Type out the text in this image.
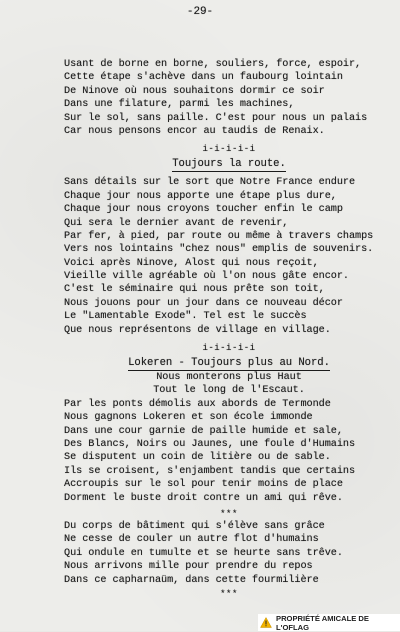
-29-
Usant de borne en borne, souliers, force, espoir,
Cette étape s'achève dans un faubourg lointain
De Ninove où nous souhaitons dormir ce soir
Dans une filature, parmi les machines,
Sur le sol, sans paille. C'est pour nous un palais
Car nous pensons encor au taudis de Renaix.
i-i-i-i-i
Toujours la route.
Sans détails sur le sort que Notre France endure
Chaque jour nous apporte une étape plus dure,
Chaque jour nous croyons toucher enfin le camp
Qui sera le dernier avant de revenir,
Par fer, à pied, par route ou même à travers champs
Vers nos lointains "chez nous" emplis de souvenirs.
Voici après Ninove, Alost qui nous reçoit,
Vieille ville agréable où l'on nous gâte encor.
C'est le séminaire qui nous prête son toit,
Nous jouons pour un jour dans ce nouveau décor
Le "Lamentable Exode". Tel est le succès
Que nous représentons de village en village.
i-i-i-i-i
Lokeren - Toujours plus au Nord.
Nous monterons plus Haut
Tout le long de l'Escaut.
Par les ponts démolis aux abords de Termonde
Nous gagnons Lokeren et son école immonde
Dans une cour garnie de paille humide et sale,
Des Blancs, Noirs ou Jaunes, une foule d'Humains
Se disputent un coin de litière ou de sable.
Ils se croisent, s'enjambent tandis que certains
Accroupis sur le sol pour tenir moins de place
Dorment le buste droit contre un ami qui rêve.
***
Du corps de bâtiment qui s'élève sans grâce
Ne cesse de couler un autre flot d'humains
Qui ondule en tumulte et se heurte sans trêve.
Nous arrivons mille pour prendre du repos
Dans ce capharnaüm, dans cette fourmilière
***
PROPRIÉTÉ AMICALE DE L'OFLAG
